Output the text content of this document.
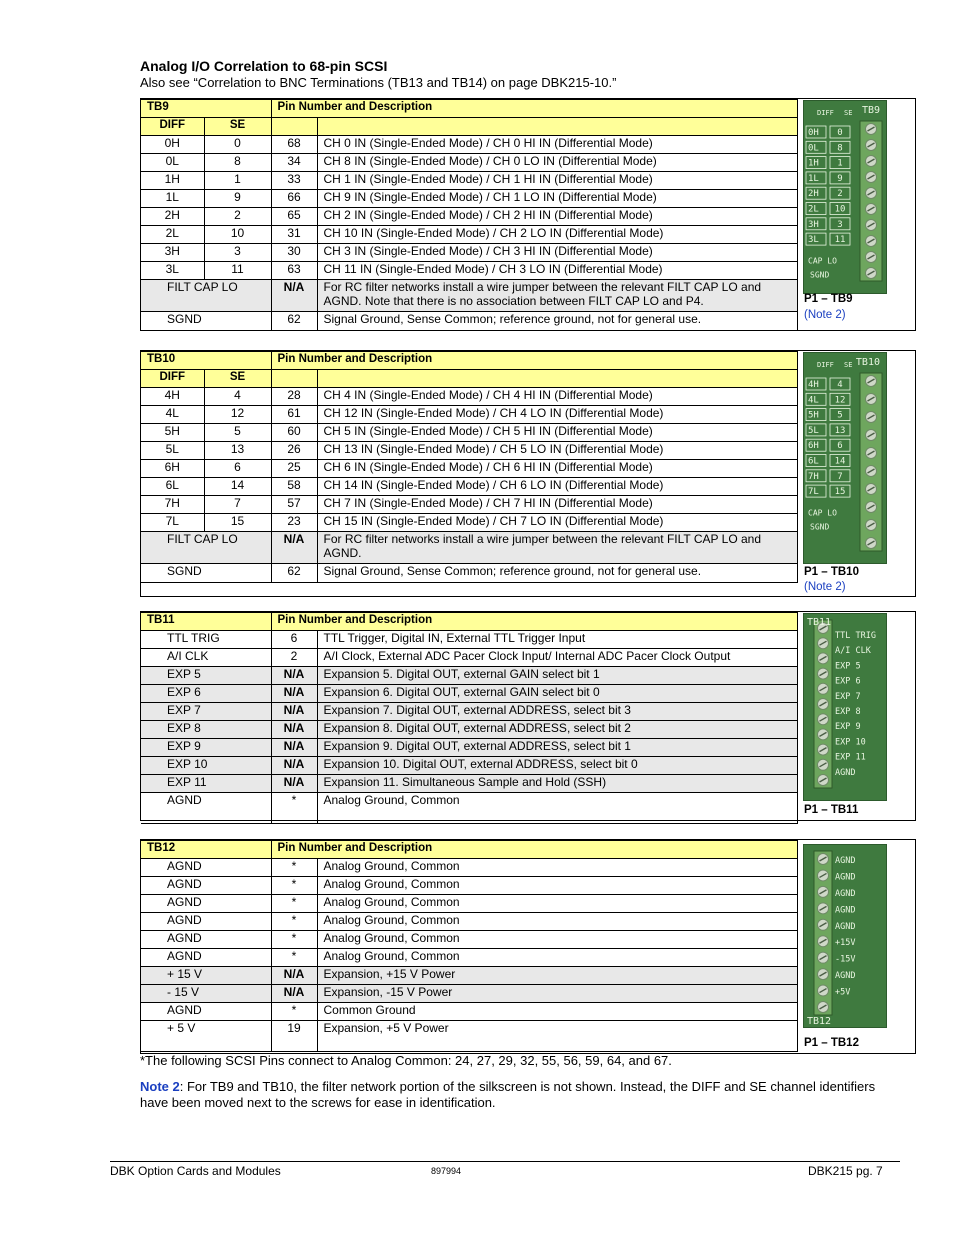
Analog I/O Correlation to 68-pin SCSI
Also see “Correlation to BNC Terminations (TB13 and TB14) on page DBK215-10.”
TB9		Pin Number and Description	
DIFF	SE		
0H	0	68	CH 0 IN (Single-Ended Mode) / CH 0 HI IN (Differential Mode)
0L	8	34	CH 8 IN (Single-Ended Mode) / CH 0 LO IN (Differential Mode)
1H	1	33	CH 1 IN (Single-Ended Mode) / CH 1 HI IN (Differential Mode)
1L	9	66	CH 9 IN (Single-Ended Mode) / CH 1 LO IN (Differential Mode)
2H	2	65	CH 2 IN (Single-Ended Mode) / CH 2 HI IN (Differential Mode)
2L	10	31	CH 10 IN (Single-Ended Mode) / CH 2 LO IN (Differential Mode)
3H	3	30	CH 3 IN (Single-Ended Mode) / CH 3 HI IN (Differential Mode)
3L	11	63	CH 11 IN (Single-Ended Mode) / CH 3 LO IN (Differential Mode)
FILT CAP LO		N/A	For RC filter networks install a wire jumper between the relevant FILT CAP LO and AGND. Note that there is no association between FILT CAP LO and P4.
SGND		62	Signal Ground, Sense Common; reference ground, not for general use.
DIFF SE TB9
0H 0
0L 8
1H 1
1L 9
2H 2
2L 10
3H 3
3L 11
CAP LO
SGND
P1 – TB9
(Note 2)
TB10		Pin Number and Description	
DIFF	SE		
4H	4	28	CH 4 IN (Single-Ended Mode) / CH 4 HI IN (Differential Mode)
4L	12	61	CH 12 IN (Single-Ended Mode) / CH 4 LO IN (Differential Mode)
5H	5	60	CH 5 IN (Single-Ended Mode) / CH 5 HI IN (Differential Mode)
5L	13	26	CH 13 IN (Single-Ended Mode) / CH 5 LO IN (Differential Mode)
6H	6	25	CH 6 IN (Single-Ended Mode) / CH 6 HI IN (Differential Mode)
6L	14	58	CH 14 IN (Single-Ended Mode) / CH 6 LO IN (Differential Mode)
7H	7	57	CH 7 IN (Single-Ended Mode) / CH 7 HI IN (Differential Mode)
7L	15	23	CH 15 IN (Single-Ended Mode) / CH 7 LO IN (Differential Mode)
FILT CAP LO		N/A	For RC filter networks install a wire jumper between the relevant FILT CAP LO and AGND.
SGND		62	Signal Ground, Sense Common; reference ground, not for general use.
DIFF SE TB10
4H 4
4L 12
5H 5
5L 13
6H 6
6L 14
7H 7
7L 15
CAP LO
SGND
P1 – TB10
(Note 2)
TB11	Pin Number and Description	
TTL TRIG	6	TTL Trigger, Digital IN, External TTL Trigger Input
A/I CLK	2	A/I Clock, External ADC Pacer Clock Input/ Internal ADC Pacer Clock Output
EXP 5	N/A	Expansion 5. Digital OUT, external GAIN select bit 1
EXP 6	N/A	Expansion 6. Digital OUT, external GAIN select bit 0
EXP 7	N/A	Expansion 7. Digital OUT, external ADDRESS, select bit 3
EXP 8	N/A	Expansion 8. Digital OUT, external ADDRESS, select bit 2
EXP 9	N/A	Expansion 9. Digital OUT, external ADDRESS, select bit 1
EXP 10	N/A	Expansion 10. Digital OUT, external ADDRESS, select bit 0
EXP 11	N/A	Expansion 11. Simultaneous Sample and Hold (SSH)
AGND	*	Analog Ground, Common
TTL TRIG
A/I CLK
EXP 5
EXP 6
EXP 7
EXP 8
EXP 9
EXP 10
EXP 11
AGND
TB11
P1 – TB11
TB12	Pin Number and Description	
AGND	*	Analog Ground, Common
AGND	*	Analog Ground, Common
AGND	*	Analog Ground, Common
AGND	*	Analog Ground, Common
AGND	*	Analog Ground, Common
AGND	*	Analog Ground, Common
+ 15 V	N/A	Expansion, +15 V Power
- 15 V	N/A	Expansion, -15 V Power
AGND	*	Common Ground
+ 5 V	19	Expansion, +5 V Power
AGND
AGND
AGND
AGND
AGND
+15V
-15V
AGND
+5V
TB12
P1 – TB12
*The following SCSI Pins connect to Analog Common: 24, 27, 29, 32, 55, 56, 59, 64, and 67.
Note 2: For TB9 and TB10, the filter network portion of the silkscreen is not shown. Instead, the DIFF and SE channel identifiers have been moved next to the screws for ease in identification.
DBK Option Cards and Modules	897994	DBK215 pg. 7
